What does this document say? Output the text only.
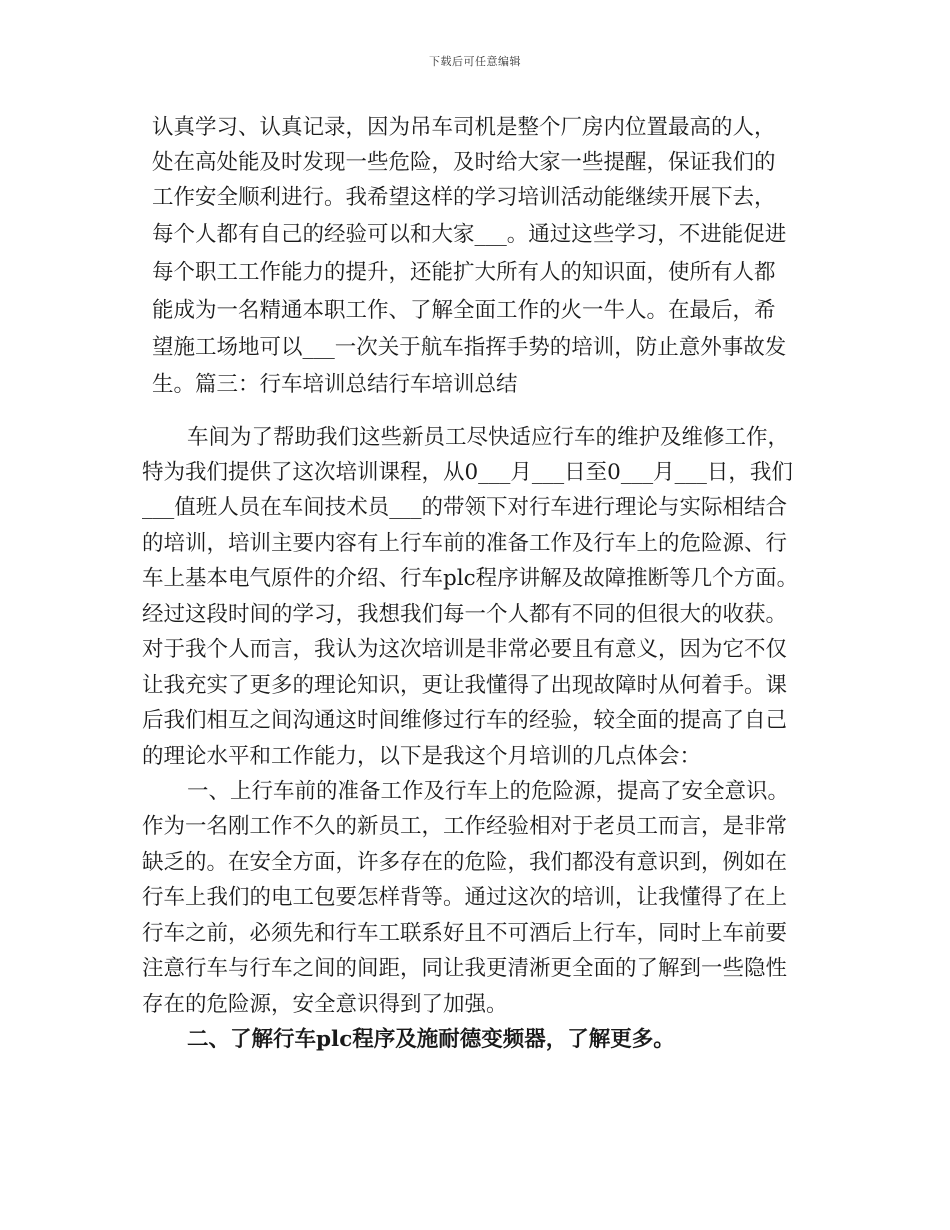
下载后可任意编辑
认真学习、认真记录，因为吊车司机是整个厂房内位置最高的人，
处在高处能及时发现一些危险，及时给大家一些提醒，保证我们的
工作安全顺利进行。我希望这样的学习培训活动能继续开展下去，
每个人都有自己的经验可以和大家___。通过这些学习，不进能促进
每个职工工作能力的提升，还能扩大所有人的知识面，使所有人都
能成为一名精通本职工作、了解全面工作的火一牛人。在最后，希
望施工场地可以___一次关于航车指挥手势的培训，防止意外事故发
生。篇三：行车培训总结行车培训总结
车间为了帮助我们这些新员工尽快适应行车的维护及维修工作，
特为我们提供了这次培训课程，从0___月___日至0___月___日，我们
___值班人员在车间技术员___的带领下对行车进行理论与实际相结合
的培训，培训主要内容有上行车前的准备工作及行车上的危险源、行
车上基本电气原件的介绍、行车plc程序讲解及故障推断等几个方面。
经过这段时间的学习，我想我们每一个人都有不同的但很大的收获。
对于我个人而言，我认为这次培训是非常必要且有意义，因为它不仅
让我充实了更多的理论知识，更让我懂得了出现故障时从何着手。课
后我们相互之间沟通这时间维修过行车的经验，较全面的提高了自己
的理论水平和工作能力，以下是我这个月培训的几点体会：
一、上行车前的准备工作及行车上的危险源，提高了安全意识。
作为一名刚工作不久的新员工，工作经验相对于老员工而言，是非常
缺乏的。在安全方面，许多存在的危险，我们都没有意识到，例如在
行车上我们的电工包要怎样背等。通过这次的培训，让我懂得了在上
行车之前，必须先和行车工联系好且不可酒后上行车，同时上车前要
注意行车与行车之间的间距，同让我更清淅更全面的了解到一些隐性
存在的危险源，安全意识得到了加强。
二、了解行车plc程序及施耐德变频器，了解更多。
